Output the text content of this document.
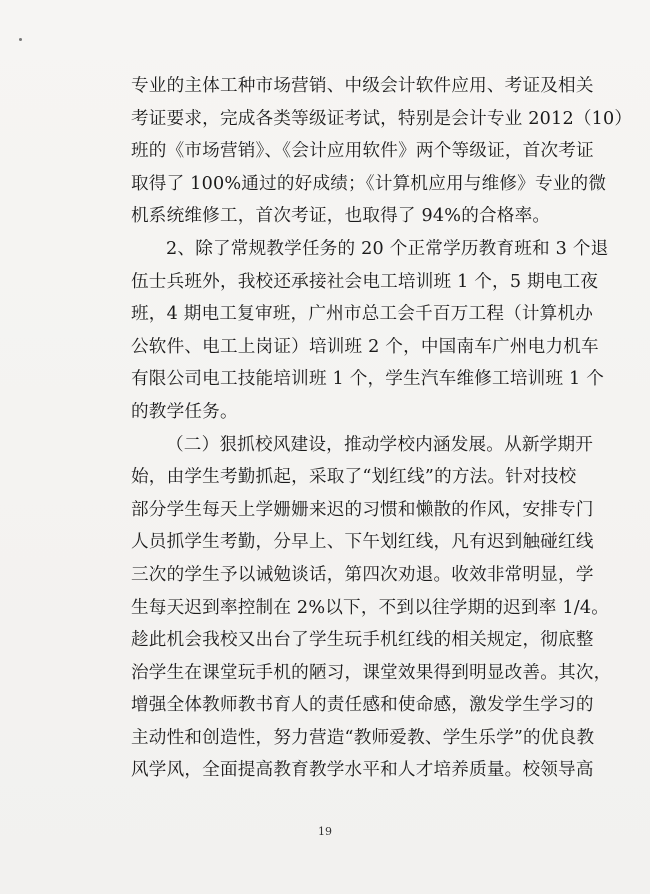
专业的主体工种市场营销、中级会计软件应用、考证及相关
考证要求，完成各类等级证考试，特别是会计专业 2012（10）
班的《市场营销》、《会计应用软件》两个等级证，首次考证
取得了 100%通过的好成绩；《计算机应用与维修》专业的微
机系统维修工，首次考证，也取得了 94%的合格率。
2、除了常规教学任务的 20 个正常学历教育班和 3 个退
伍士兵班外，我校还承接社会电工培训班 1 个，5 期电工夜
班，4 期电工复审班，广州市总工会千百万工程（计算机办
公软件、电工上岗证）培训班 2 个，中国南车广州电力机车
有限公司电工技能培训班 1 个，学生汽车维修工培训班 1 个
的教学任务。
（二）狠抓校风建设，推动学校内涵发展。从新学期开
始，由学生考勤抓起，采取了“划红线”的方法。针对技校
部分学生每天上学姗姗来迟的习惯和懒散的作风，安排专门
人员抓学生考勤，分早上、下午划红线，凡有迟到触碰红线
三次的学生予以诫勉谈话，第四次劝退。收效非常明显，学
生每天迟到率控制在 2%以下，不到以往学期的迟到率 1/4。
趁此机会我校又出台了学生玩手机红线的相关规定，彻底整
治学生在课堂玩手机的陋习，课堂效果得到明显改善。其次，
增强全体教师教书育人的责任感和使命感，激发学生学习的
主动性和创造性，努力营造“教师爱教、学生乐学”的优良教
风学风，全面提高教育教学水平和人才培养质量。校领导高
19
